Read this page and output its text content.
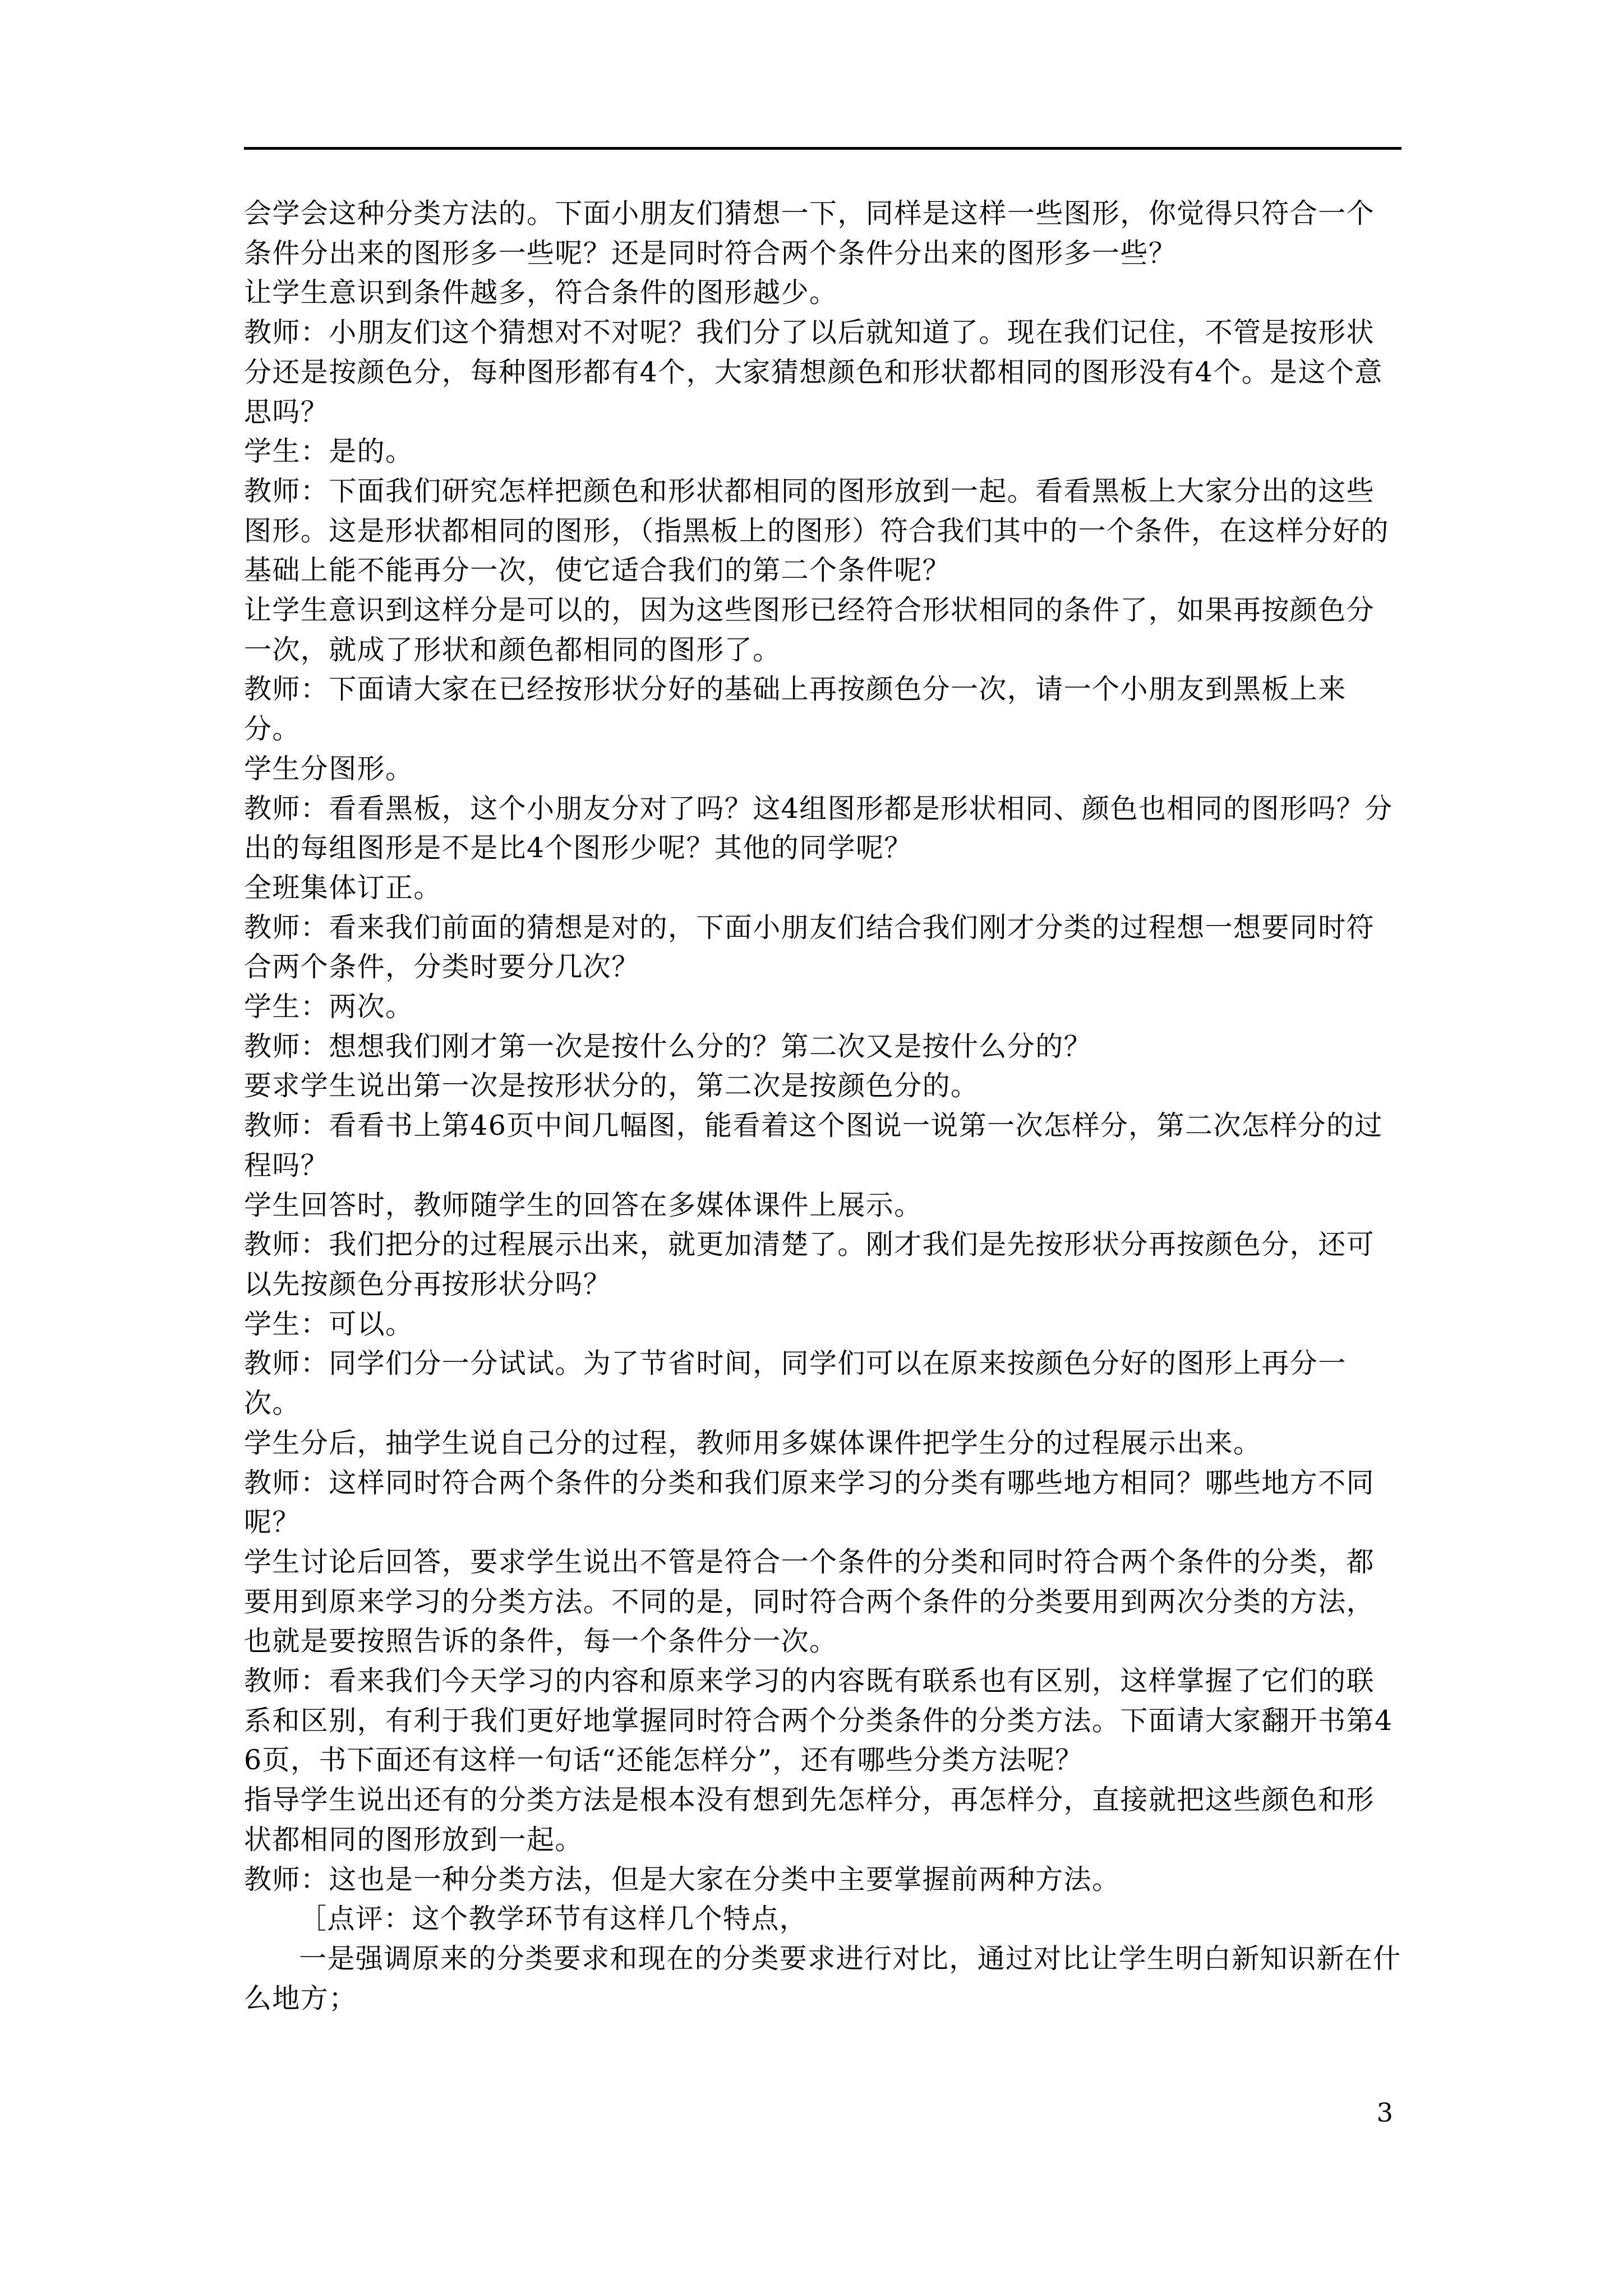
会学会这种分类方法的。下面小朋友们猜想一下，同样是这样一些图形，你觉得只符合一个条件分出来的图形多一些呢？还是同时符合两个条件分出来的图形多一些？

让学生意识到条件越多，符合条件的图形越少。

教师：小朋友们这个猜想对不对呢？我们分了以后就知道了。现在我们记住，不管是按形状分还是按颜色分，每种图形都有4个，大家猜想颜色和形状都相同的图形没有4个。是这个意思吗？

学生：是的。

教师：下面我们研究怎样把颜色和形状都相同的图形放到一起。看看黑板上大家分出的这些图形。这是形状都相同的图形，（指黑板上的图形）符合我们其中的一个条件，在这样分好的基础上能不能再分一次，使它适合我们的第二个条件呢？

让学生意识到这样分是可以的，因为这些图形已经符合形状相同的条件了，如果再按颜色分一次，就成了形状和颜色都相同的图形了。

教师：下面请大家在已经按形状分好的基础上再按颜色分一次，请一个小朋友到黑板上来分。

学生分图形。

教师：看看黑板，这个小朋友分对了吗？这4组图形都是形状相同、颜色也相同的图形吗？分出的每组图形是不是比4个图形少呢？其他的同学呢？

全班集体订正。

教师：看来我们前面的猜想是对的，下面小朋友们结合我们刚才分类的过程想一想要同时符合两个条件，分类时要分几次？

学生：两次。

教师：想想我们刚才第一次是按什么分的？第二次又是按什么分的？

要求学生说出第一次是按形状分的，第二次是按颜色分的。

教师：看看书上第46页中间几幅图，能看着这个图说一说第一次怎样分，第二次怎样分的过程吗？

学生回答时，教师随学生的回答在多媒体课件上展示。

教师：我们把分的过程展示出来，就更加清楚了。刚才我们是先按形状分再按颜色分，还可以先按颜色分再按形状分吗？

学生：可以。

教师：同学们分一分试试。为了节省时间，同学们可以在原来按颜色分好的图形上再分一次。

学生分后，抽学生说自己分的过程，教师用多媒体课件把学生分的过程展示出来。

教师：这样同时符合两个条件的分类和我们原来学习的分类有哪些地方相同？哪些地方不同呢？

学生讨论后回答，要求学生说出不管是符合一个条件的分类和同时符合两个条件的分类，都要用到原来学习的分类方法。不同的是，同时符合两个条件的分类要用到两次分类的方法，也就是要按照告诉的条件，每一个条件分一次。

教师：看来我们今天学习的内容和原来学习的内容既有联系也有区别，这样掌握了它们的联系和区别，有利于我们更好地掌握同时符合两个分类条件的分类方法。下面请大家翻开书第46页，书下面还有这样一句话“还能怎样分”，还有哪些分类方法呢？

指导学生说出还有的分类方法是根本没有想到先怎样分，再怎样分，直接就把这些颜色和形状都相同的图形放到一起。

教师：这也是一种分类方法，但是大家在分类中主要掌握前两种方法。

［点评：这个教学环节有这样几个特点，

一是强调原来的分类要求和现在的分类要求进行对比，通过对比让学生明白新知识新在什么地方；

3
